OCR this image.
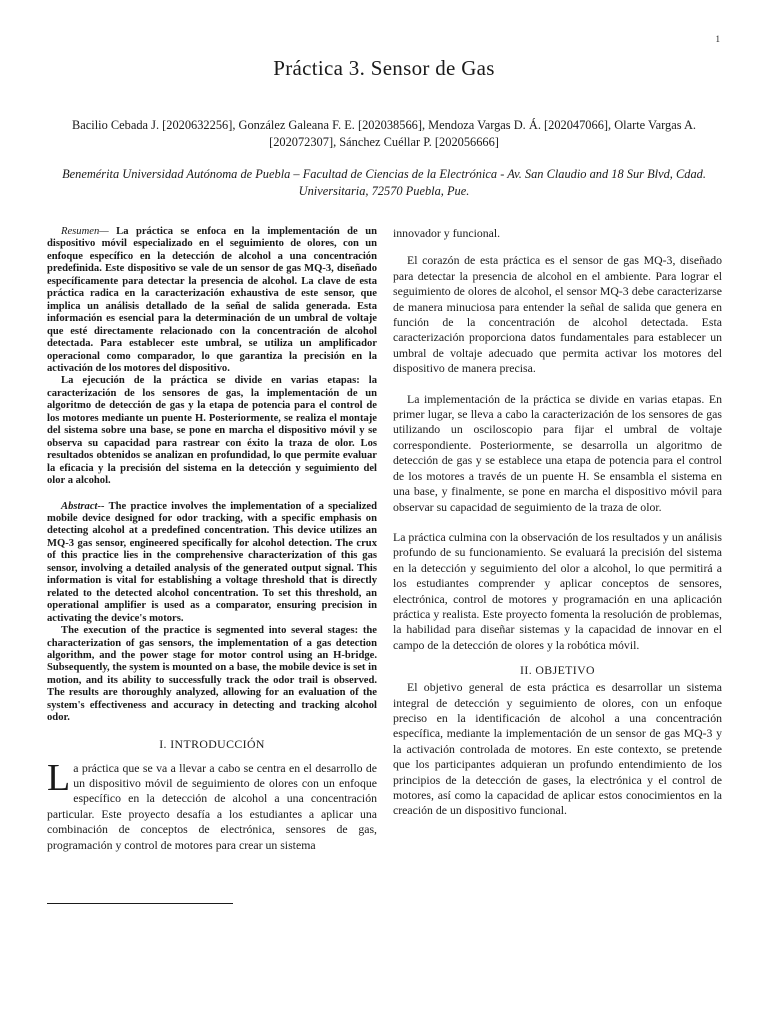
1
Práctica 3. Sensor de Gas
Bacilio Cebada J. [2020632256], González Galeana F. E. [202038566], Mendoza Vargas D. Á. [202047066], Olarte Vargas A. [202072307], Sánchez Cuéllar P. [202056666]
Benemérita Universidad Autónoma de Puebla – Facultad de Ciencias de la Electrónica - Av. San Claudio and 18 Sur Blvd, Cdad. Universitaria, 72570 Puebla, Pue.

Resumen— La práctica se enfoca en la implementación de un dispositivo móvil especializado en el seguimiento de olores, con un enfoque específico en la detección de alcohol a una concentración predefinida. Este dispositivo se vale de un sensor de gas MQ-3, diseñado específicamente para detectar la presencia de alcohol. La clave de esta práctica radica en la caracterización exhaustiva de este sensor, que implica un análisis detallado de la señal de salida generada. Esta información es esencial para la determinación de un umbral de voltaje que esté directamente relacionado con la concentración de alcohol detectada. Para establecer este umbral, se utiliza un amplificador operacional como comparador, lo que garantiza la precisión en la activación de los motores del dispositivo.

La ejecución de la práctica se divide en varias etapas: la caracterización de los sensores de gas, la implementación de un algoritmo de detección de gas y la etapa de potencia para el control de los motores mediante un puente H. Posteriormente, se realiza el montaje del sistema sobre una base, se pone en marcha el dispositivo móvil y se observa su capacidad para rastrear con éxito la traza de olor. Los resultados obtenidos se analizan en profundidad, lo que permite evaluar la eficacia y la precisión del sistema en la detección y seguimiento del olor a alcohol.

Abstract-- The practice involves the implementation of a specialized mobile device designed for odor tracking, with a specific emphasis on detecting alcohol at a predefined concentration. This device utilizes an MQ-3 gas sensor, engineered specifically for alcohol detection. The crux of this practice lies in the comprehensive characterization of this gas sensor, involving a detailed analysis of the generated output signal. This information is vital for establishing a voltage threshold that is directly related to the detected alcohol concentration. To set this threshold, an operational amplifier is used as a comparator, ensuring precision in activating the device's motors.

The execution of the practice is segmented into several stages: the characterization of gas sensors, the implementation of a gas detection algorithm, and the power stage for motor control using an H-bridge. Subsequently, the system is mounted on a base, the mobile device is set in motion, and its ability to successfully track the odor trail is observed. The results are thoroughly analyzed, allowing for an evaluation of the system's effectiveness and accuracy in detecting and tracking alcohol odor.

I. INTRODUCCIÓN

La práctica que se va a llevar a cabo se centra en el desarrollo de un dispositivo móvil de seguimiento de olores con un enfoque específico en la detección de alcohol a una concentración particular. Este proyecto desafía a los estudiantes a aplicar una combinación de conceptos de electrónica, sensores de gas, programación y control de motores para crear un sistema

innovador y funcional.

El corazón de esta práctica es el sensor de gas MQ-3, diseñado para detectar la presencia de alcohol en el ambiente. Para lograr el seguimiento de olores de alcohol, el sensor MQ-3 debe caracterizarse de manera minuciosa para entender la señal de salida que genera en función de la concentración de alcohol detectada. Esta caracterización proporciona datos fundamentales para establecer un umbral de voltaje adecuado que permita activar los motores del dispositivo de manera precisa.

La implementación de la práctica se divide en varias etapas. En primer lugar, se lleva a cabo la caracterización de los sensores de gas utilizando un osciloscopio para fijar el umbral de voltaje correspondiente. Posteriormente, se desarrolla un algoritmo de detección de gas y se establece una etapa de potencia para el control de los motores a través de un puente H. Se ensambla el sistema en una base, y finalmente, se pone en marcha el dispositivo móvil para observar su capacidad de seguimiento de la traza de olor.

La práctica culmina con la observación de los resultados y un análisis profundo de su funcionamiento. Se evaluará la precisión del sistema en la detección y seguimiento del olor a alcohol, lo que permitirá a los estudiantes comprender y aplicar conceptos de sensores, electrónica, control de motores y programación en una aplicación práctica y realista. Este proyecto fomenta la resolución de problemas, la habilidad para diseñar sistemas y la capacidad de innovar en el campo de la detección de olores y la robótica móvil.

II. OBJETIVO

El objetivo general de esta práctica es desarrollar un sistema integral de detección y seguimiento de olores, con un enfoque preciso en la identificación de alcohol a una concentración específica, mediante la implementación de un sensor de gas MQ-3 y la activación controlada de motores. En este contexto, se pretende que los participantes adquieran un profundo entendimiento de los principios de la detección de gases, la electrónica y el control de motores, así como la capacidad de aplicar estos conocimientos en la creación de un dispositivo funcional.
